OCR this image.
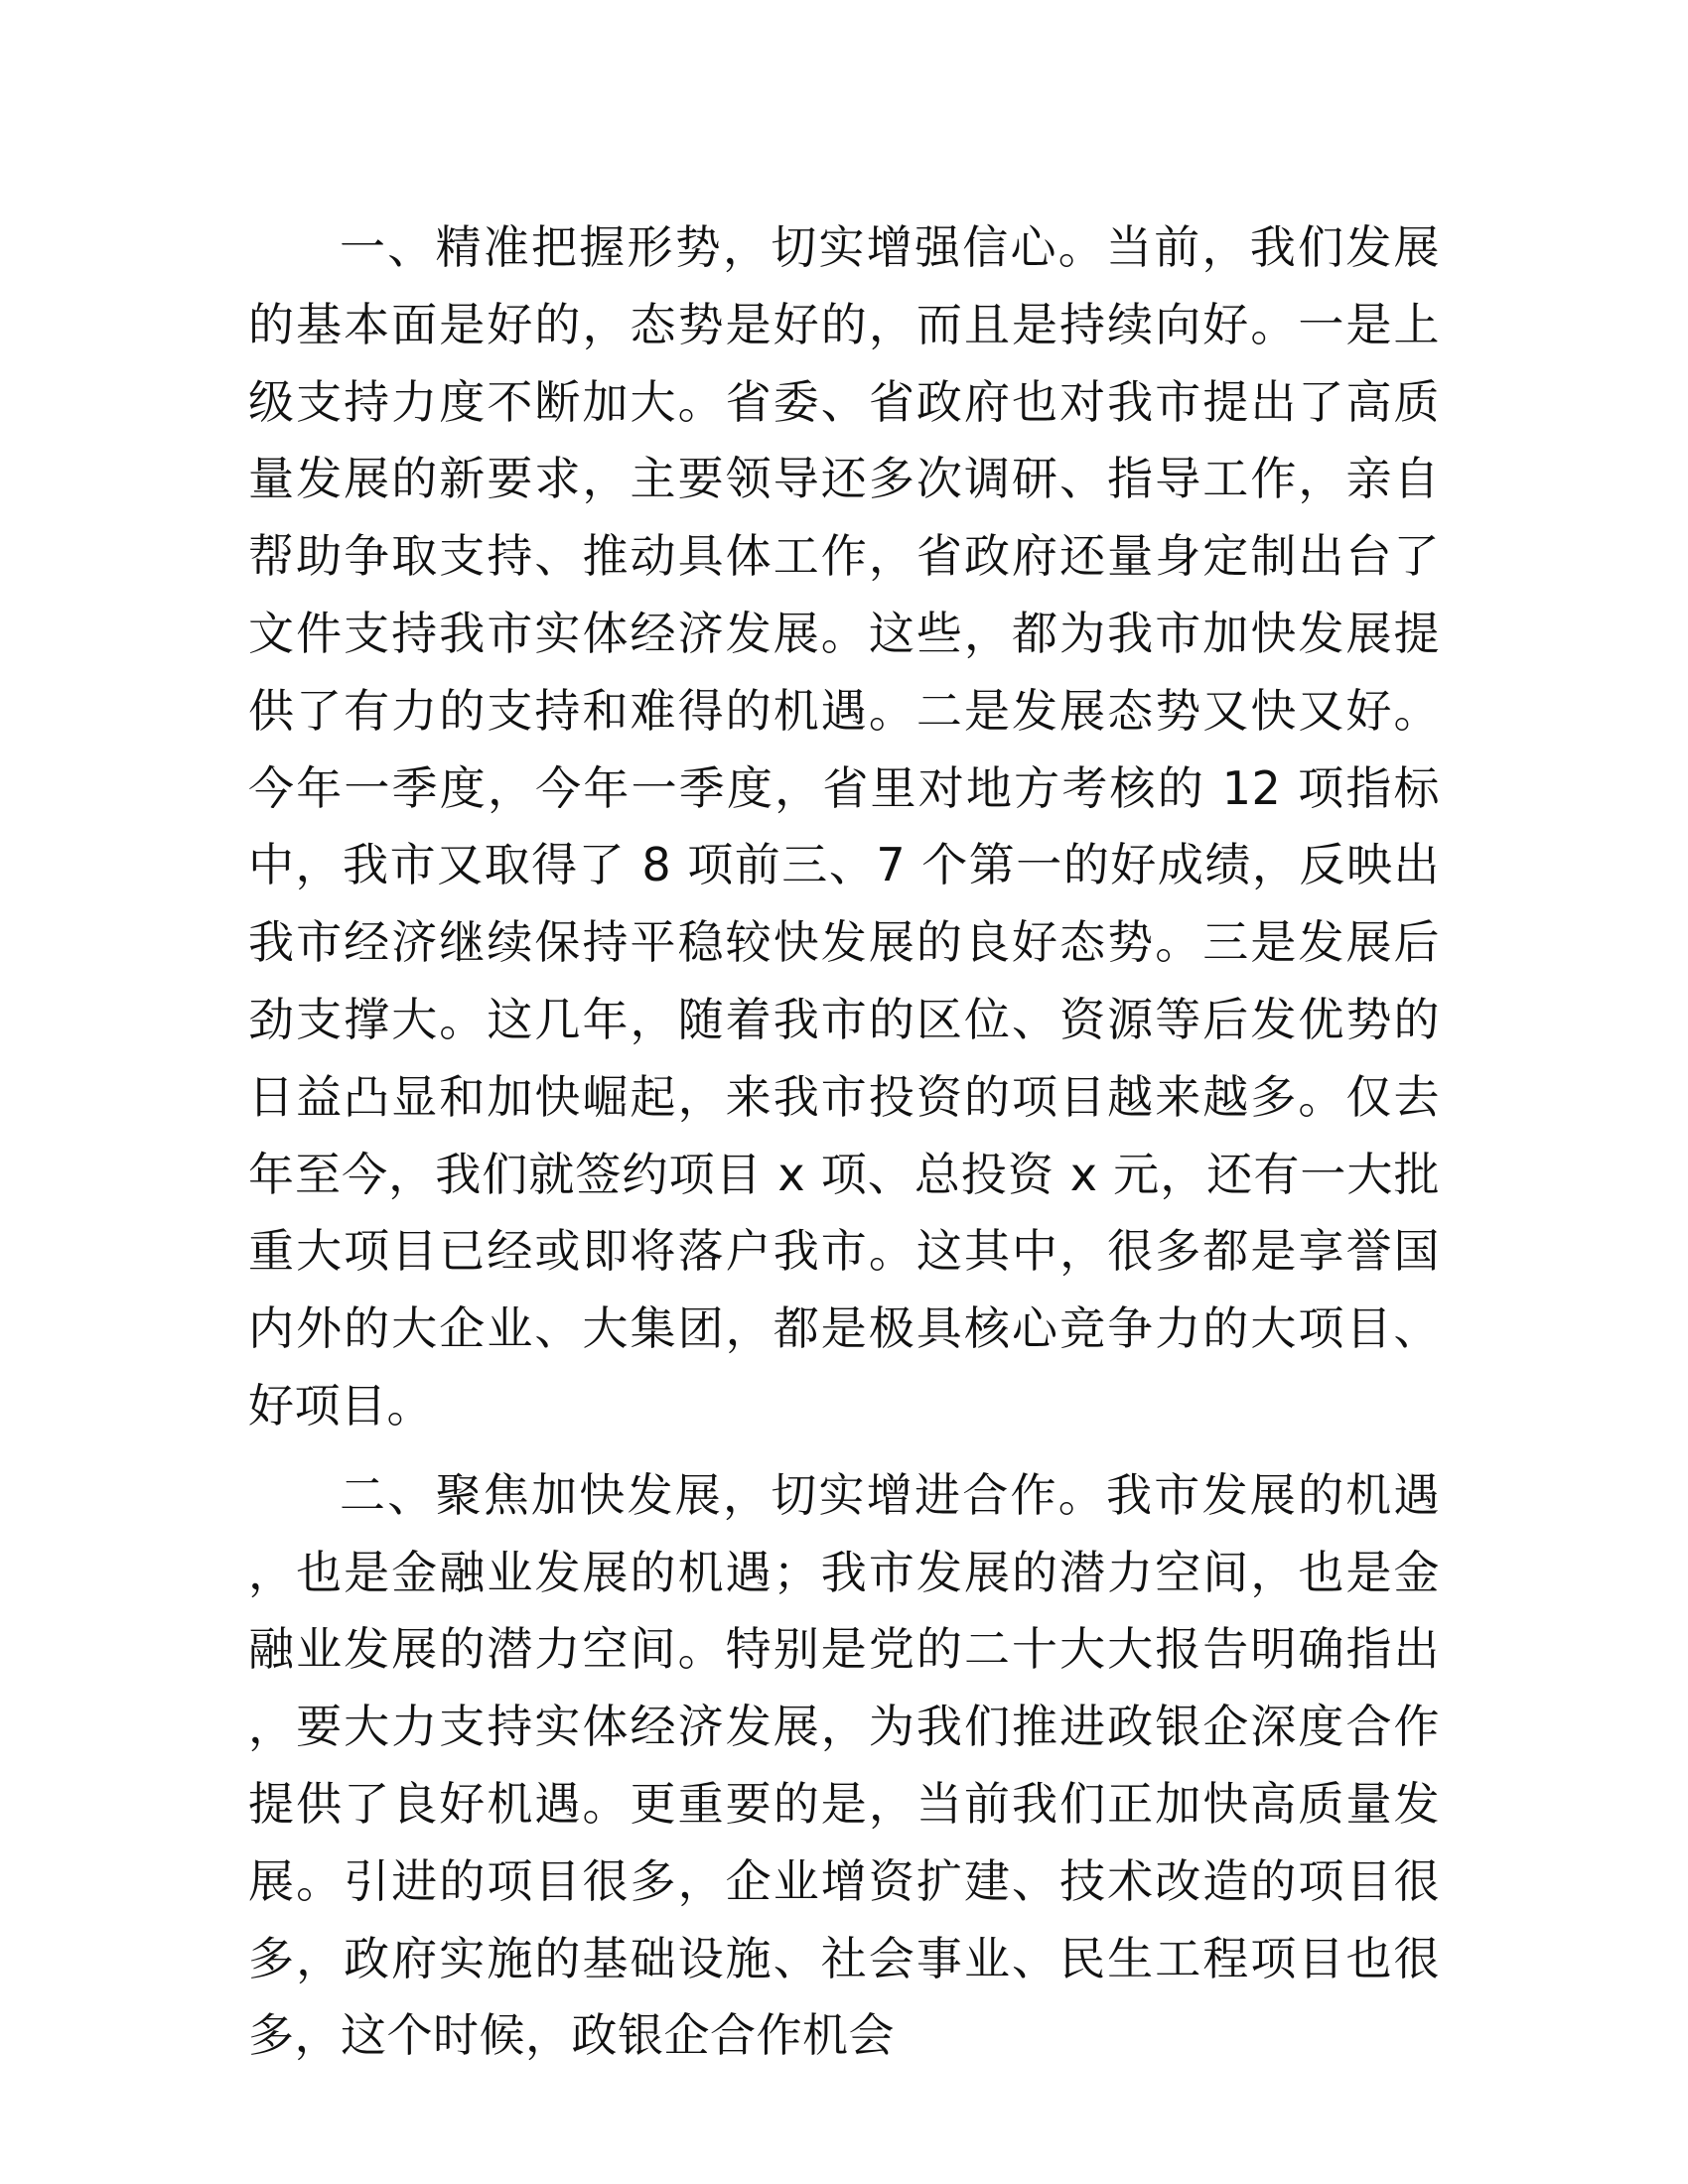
一、精准把握形势，切实增强信心。当前，我们发展的基本面是好的，态势是好的，而且是持续向好。一是上级支持力度不断加大。省委、省政府也对我市提出了高质量发展的新要求，主要领导还多次调研、指导工作，亲自帮助争取支持、推动具体工作，省政府还量身定制出台了文件支持我市实体经济发展。这些，都为我市加快发展提供了有力的支持和难得的机遇。二是发展态势又快又好。今年一季度，今年一季度，省里对地方考核的 12 项指标中，我市又取得了 8 项前三、7 个第一的好成绩，反映出我市经济继续保持平稳较快发展的良好态势。三是发展后劲支撑大。这几年，随着我市的区位、资源等后发优势的日益凸显和加快崛起，来我市投资的项目越来越多。仅去年至今，我们就签约项目 x 项、总投资 x 元，还有一大批重大项目已经或即将落户我市。这其中，很多都是享誉国内外的大企业、大集团，都是极具核心竞争力的大项目、好项目。

二、聚焦加快发展，切实增进合作。我市发展的机遇，也是金融业发展的机遇；我市发展的潜力空间，也是金融业发展的潜力空间。特别是党的二十大大报告明确指出，要大力支持实体经济发展，为我们推进政银企深度合作提供了良好机遇。更重要的是，当前我们正加快高质量发展。引进的项目很多，企业增资扩建、技术改造的项目很多，政府实施的基础设施、社会事业、民生工程项目也很多，这个时候，政银企合作机会
